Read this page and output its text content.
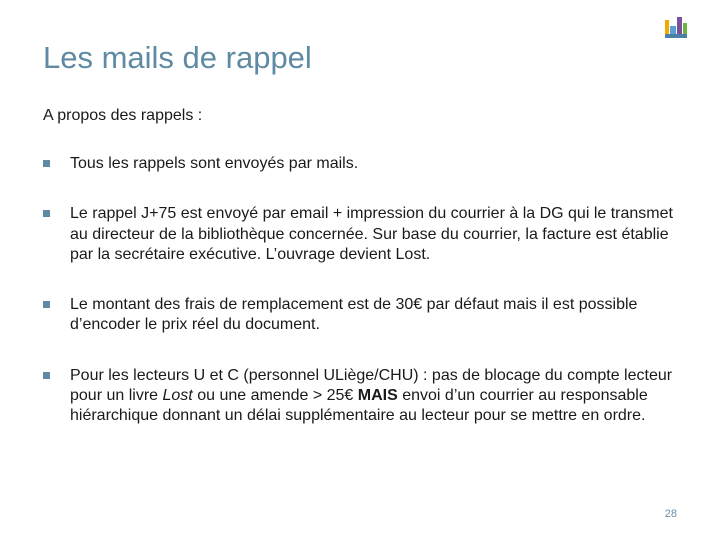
Les mails de rappel
A propos des rappels :
Tous les rappels sont envoyés par mails.
Le rappel J+75 est envoyé par email + impression du courrier à la DG qui le transmet au directeur de la bibliothèque concernée. Sur base du courrier, la facture est établie par la secrétaire exécutive. L’ouvrage devient Lost.
Le montant des frais de remplacement est de 30€ par défaut mais il est possible d’encoder le prix réel du document.
Pour les lecteurs U et C (personnel ULiège/CHU) : pas de blocage du compte lecteur pour un livre Lost ou une amende > 25€ MAIS envoi d’un courrier au responsable hiérarchique donnant un délai supplémentaire au lecteur pour se mettre en ordre.
28
